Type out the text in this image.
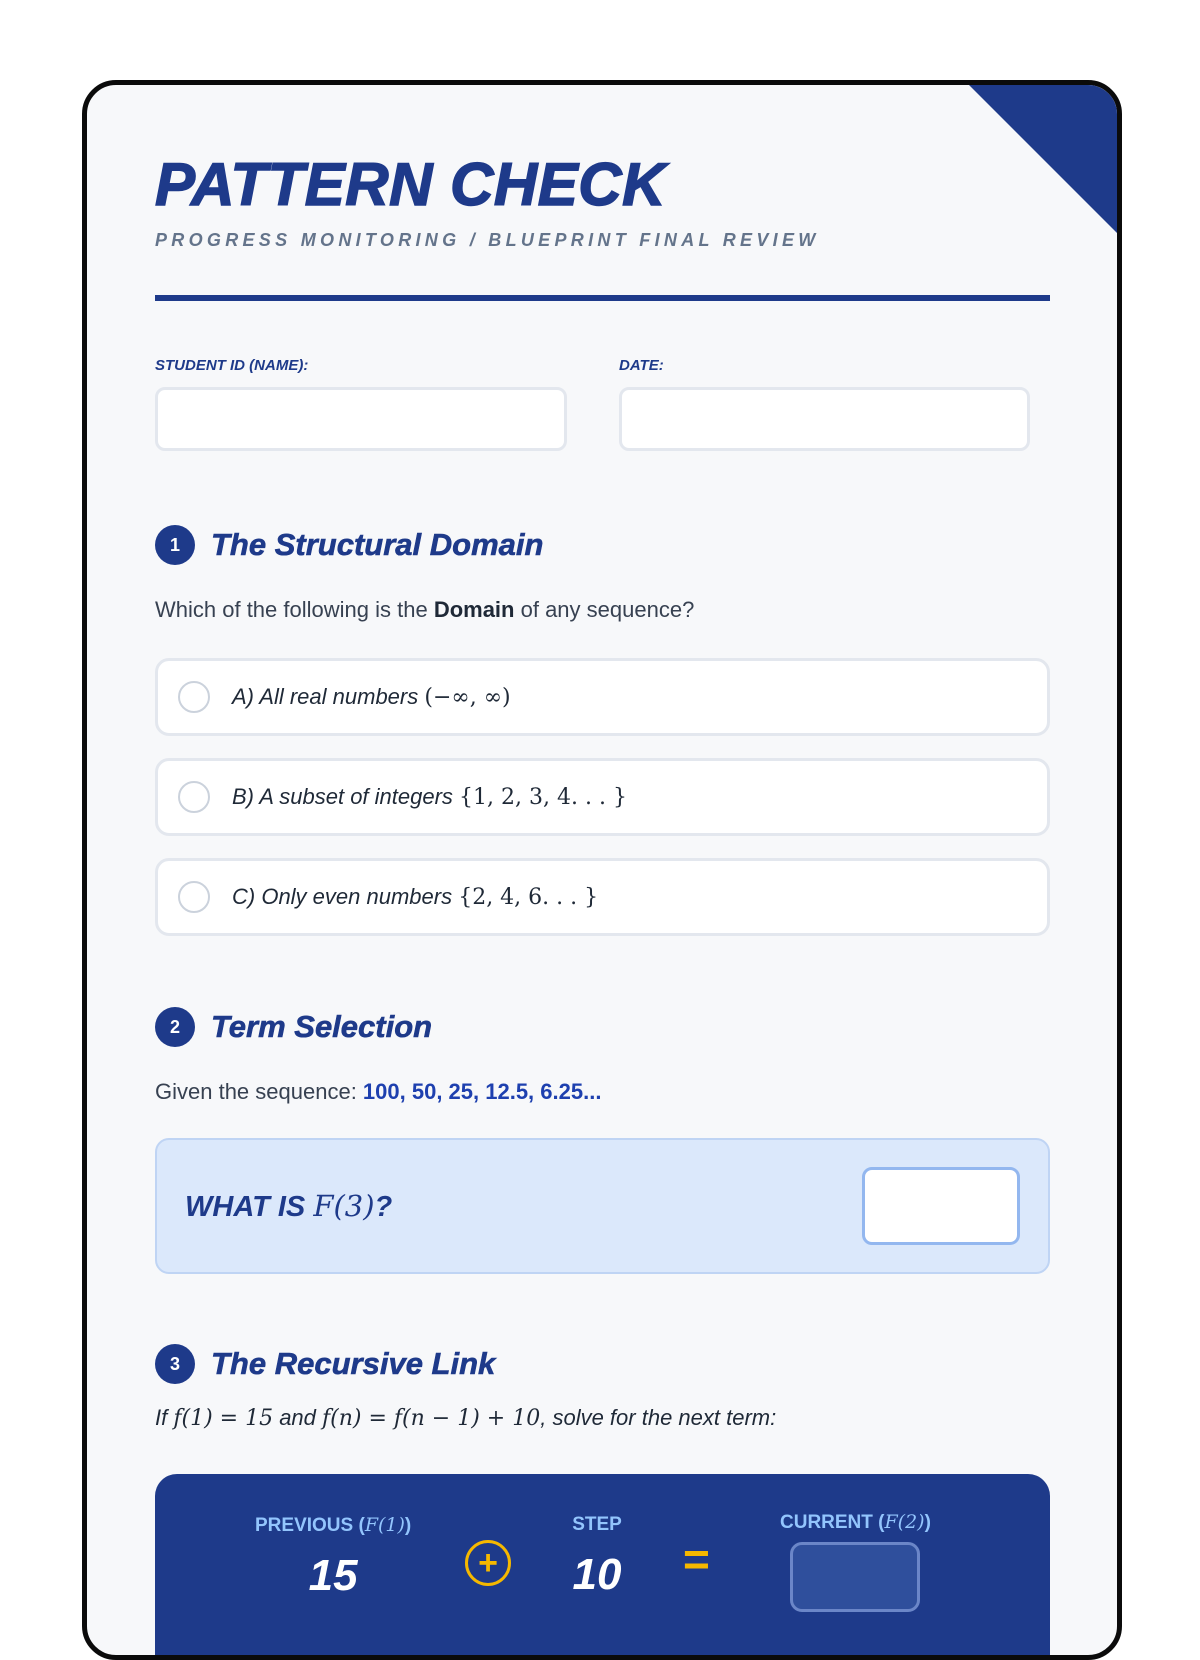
PATTERN CHECK
PROGRESS MONITORING / BLUEPRINT FINAL REVIEW
STUDENT ID (NAME):	DATE:
1	The Structural Domain
Which of the following is the Domain of any sequence?
A) All real numbers (−∞, ∞)
B) A subset of integers {1, 2, 3, 4. . . }
C) Only even numbers {2, 4, 6. . . }
2	Term Selection
Given the sequence: 100, 50, 25, 12.5, 6.25...
WHAT IS F(3)?
3	The Recursive Link
If f(1) = 15 and f(n) = f(n − 1) + 10, solve for the next term:
PREVIOUS (F(1))
15	+
STEP
10 =
CURRENT (F(2))
